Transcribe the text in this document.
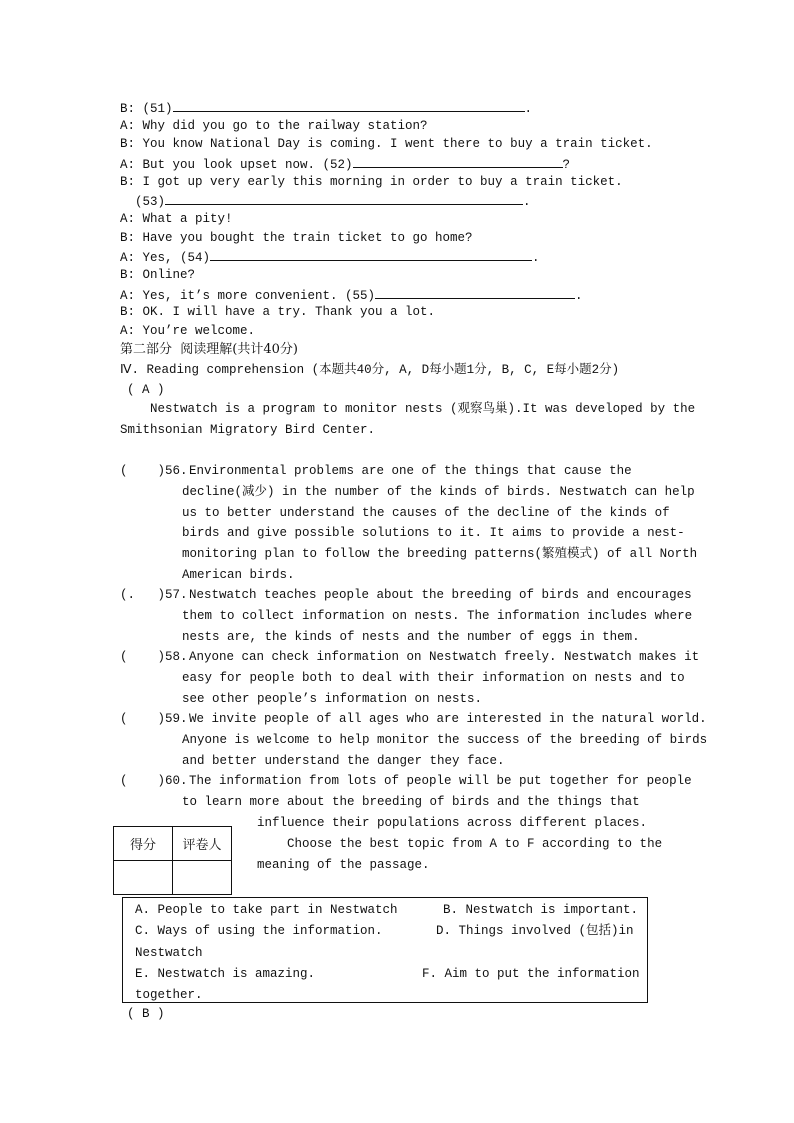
B: (51)	.
A: Why did you go to the railway station?
B: You know National Day is coming. I went there to buy a train ticket.
A: But you look upset now. (52)	?
B: I got up very early this morning in order to buy a train ticket.
(53)	.
A: What a pity!
B: Have you bought the train ticket to go home?
A: Yes, (54)	.
B: Online?
A: Yes, it’s more convenient. (55)	.
B: OK. I will have a try. Thank you a lot.
A: You’re welcome.
第二部分  阅读理解(共计40分)
Ⅳ. Reading comprehension (本题共40分, A, D每小题1分, B, C, E每小题2分)
( A )
Nestwatch is a program to monitor nests (观察鸟巢).It was developed by the
Smithsonian Migratory Bird Center.
(    )56. Environmental problems are one of the things that cause the
decline(减少) in the number of the kinds of birds. Nestwatch can help
us to better understand the causes of the decline of the kinds of
birds and give possible solutions to it. It aims to provide a nest-
monitoring plan to follow the breeding patterns(繁殖模式) of all North
American birds.
(.   )57. Nestwatch teaches people about the breeding of birds and encourages
them to collect information on nests. The information includes where
nests are, the kinds of nests and the number of eggs in them.
(    )58. Anyone can check information on Nestwatch freely. Nestwatch makes it
easy for people both to deal with their information on nests and to
see other people’s information on nests.
(    )59. We invite people of all ages who are interested in the natural world.
Anyone is welcome to help monitor the success of the breeding of birds
and better understand the danger they face.
(    )60. The information from lots of people will be put together for people
to learn more about the breeding of birds and the things that
influence their populations across different places.
得分	评卷人
		Choose the best topic from A to F according to the
meaning of the passage.
A. People to take part in Nestwatch	B. Nestwatch is important.
C. Ways of using the information.	D. Things involved (包括)in
Nestwatch
E. Nestwatch is amazing.	F. Aim to put the information
together.
( B )
